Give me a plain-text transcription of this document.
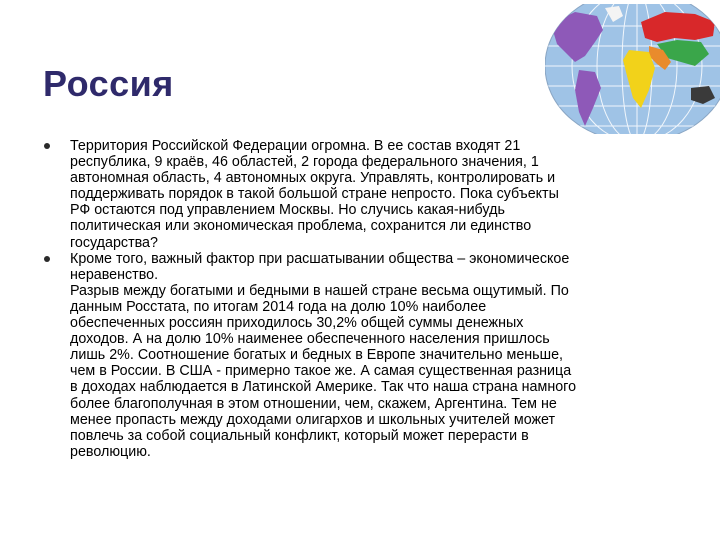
Россия
Территория Российской Федерации огромна. В ее состав входят 21
республика, 9 краёв, 46 областей, 2 города федерального значения, 1
автономная область, 4 автономных округа. Управлять, контролировать и
поддерживать порядок в такой большой стране непросто. Пока субъекты
РФ остаются под управлением Москвы. Но случись какая-нибудь
политическая или экономическая проблема, сохранится ли единство
государства?
Кроме того, важный фактор при расшатывании общества – экономическое
неравенство.
Разрыв между богатыми и бедными в нашей стране весьма ощутимый. По
данным Росстата, по итогам 2014 года на долю 10% наиболее
обеспеченных россиян приходилось 30,2% общей суммы денежных
доходов. А на долю 10% наименее обеспеченного населения пришлось
лишь 2%. Соотношение богатых и бедных в Европе значительно меньше,
чем в России. В США - примерно такое же. А самая существенная разница
в доходах наблюдается в Латинской Америке. Так что наша страна намного
более благополучная в этом отношении, чем, скажем, Аргентина. Тем не
менее пропасть между доходами олигархов и школьных учителей может
повлечь за собой социальный конфликт, который может перерасти в
революцию.
